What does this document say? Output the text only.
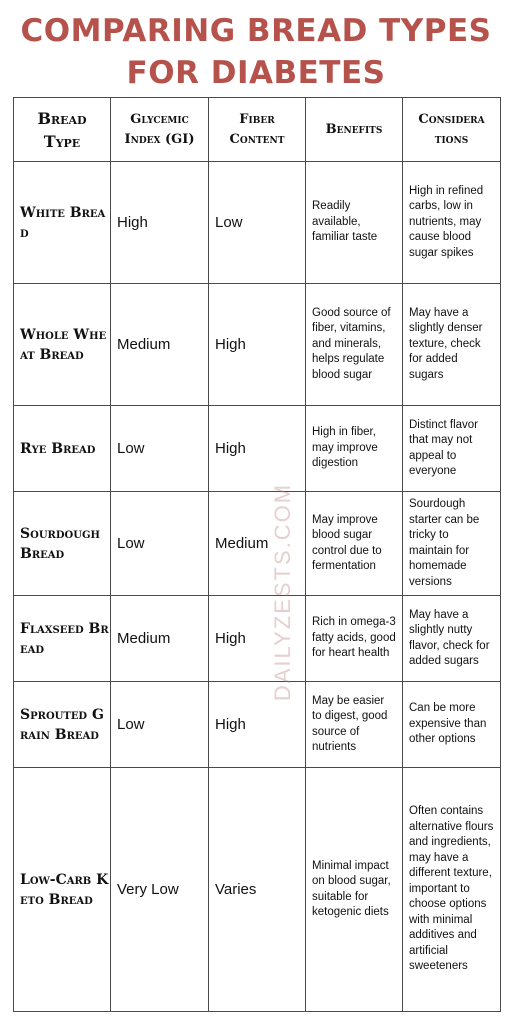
COMPARING BREAD TYPES
FOR DIABETES
Bread Type	Glycemic Index (GI)	Fiber Content	Benefits	Considera tions
White Bread	High	Low	Readily available, familiar taste	High in refined carbs, low in nutrients, may cause blood sugar spikes
Whole Wheat Bread	Medium	High	Good source of fiber, vitamins, and minerals, helps regulate blood sugar	May have a slightly denser texture, check for added sugars
Rye Bread	Low	High	High in fiber, may improve digestion	Distinct flavor that may not appeal to everyone
Sourdough Bread	Low	Medium	May improve blood sugar control due to fermentation	Sourdough starter can be tricky to maintain for homemade versions
Flaxseed Bread	Medium	High	Rich in omega-3 fatty acids, good for heart health	May have a slightly nutty flavor, check for added sugars
Sprouted Grain Bread	Low	High	May be easier to digest, good source of nutrients	Can be more expensive than other options
Low-Carb Keto Bread	Very Low	Varies	Minimal impact on blood sugar, suitable for ketogenic diets	Often contains alternative flours and ingredients, may have a different texture, important to choose options with minimal additives and artificial sweeteners
DAILYZESTS.COM
